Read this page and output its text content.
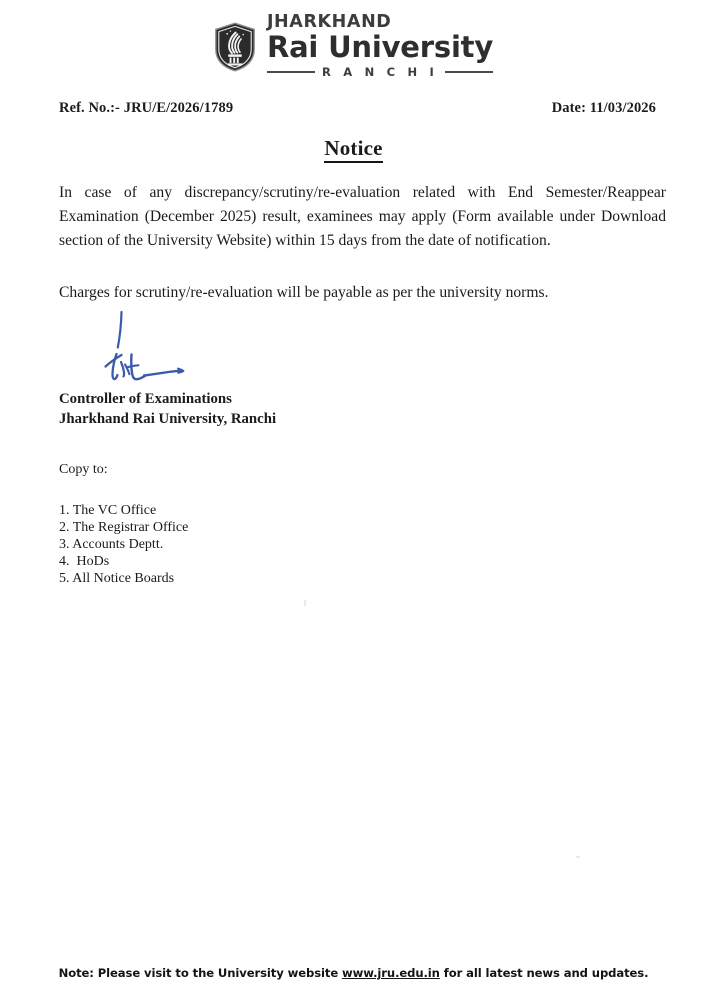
JHARKHAND
Rai University
R A N C H I
Ref. No.:- JRU/E/2026/1789	Date: 11/03/2026
Notice
In case of any discrepancy/scrutiny/re-evaluation related with End Semester/Reappear Examination (December 2025) result, examinees may apply (Form available under Download section of the University Website) within 15 days from the date of notification.
Charges for scrutiny/re-evaluation will be payable as per the university norms.
Controller of Examinations
Jharkhand Rai University, Ranchi
Copy to:
1. The VC Office
2. The Registrar Office
3. Accounts Deptt.
4.  HoDs
5. All Notice Boards
Note: Please visit to the University website www.jru.edu.in for all latest news and updates.
